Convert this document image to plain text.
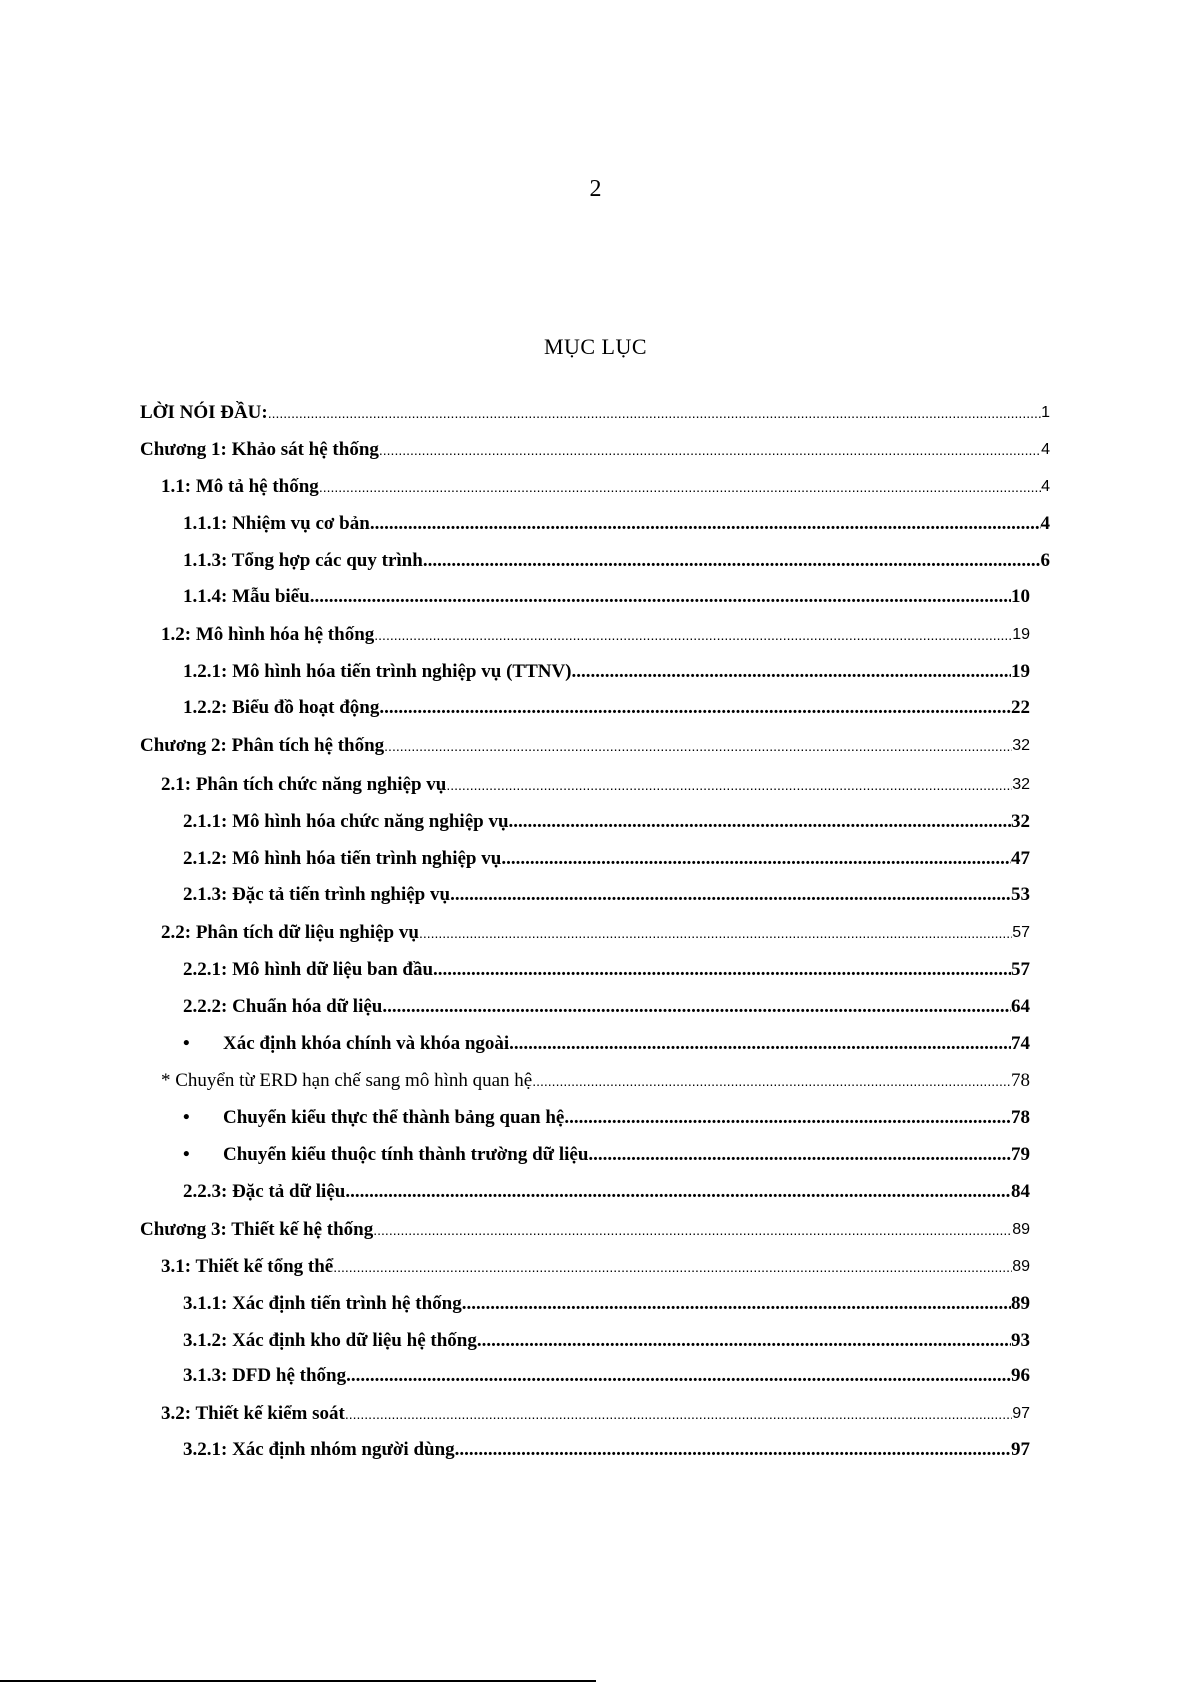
2
MỤC LỤC
LỜI NÓI ĐẦU: .....	1
Chương 1: Khảo sát hệ thống .....	4
1.1: Mô tả hệ thống .....	4
1.1.1: Nhiệm vụ cơ bản .....	4
1.1.3: Tổng hợp các quy trình .....	6
1.1.4: Mẫu biểu .....	10
1.2: Mô hình hóa hệ thống .....	19
1.2.1: Mô hình hóa tiến trình nghiệp vụ (TTNV) .....	19
1.2.2: Biểu đồ hoạt động .....	22
Chương 2: Phân tích hệ thống .....	32
2.1: Phân tích chức năng nghiệp vụ .....	32
2.1.1: Mô hình hóa chức năng nghiệp vụ .....	32
2.1.2: Mô hình hóa tiến trình nghiệp vụ .....	47
2.1.3: Đặc tả tiến trình nghiệp vụ .....	53
2.2: Phân tích dữ liệu nghiệp vụ .....	57
2.2.1: Mô hình dữ liệu ban đầu .....	57
2.2.2: Chuẩn hóa dữ liệu .....	64
• Xác định khóa chính và khóa ngoài .....	74
* Chuyển từ ERD hạn chế sang mô hình quan hệ .....	78
• Chuyển kiểu thực thể thành bảng quan hệ .....	78
• Chuyển kiểu thuộc tính thành trường dữ liệu .....	79
2.2.3: Đặc tả dữ liệu .....	84
Chương 3: Thiết kế hệ thống .....	89
3.1: Thiết kế tổng thể .....	89
3.1.1: Xác định tiến trình hệ thống .....	89
3.1.2: Xác định kho dữ liệu hệ thống .....	93
3.1.3: DFD hệ thống .....	96
3.2: Thiết kế kiểm soát .....	97
3.2.1: Xác định nhóm người dùng .....	97
